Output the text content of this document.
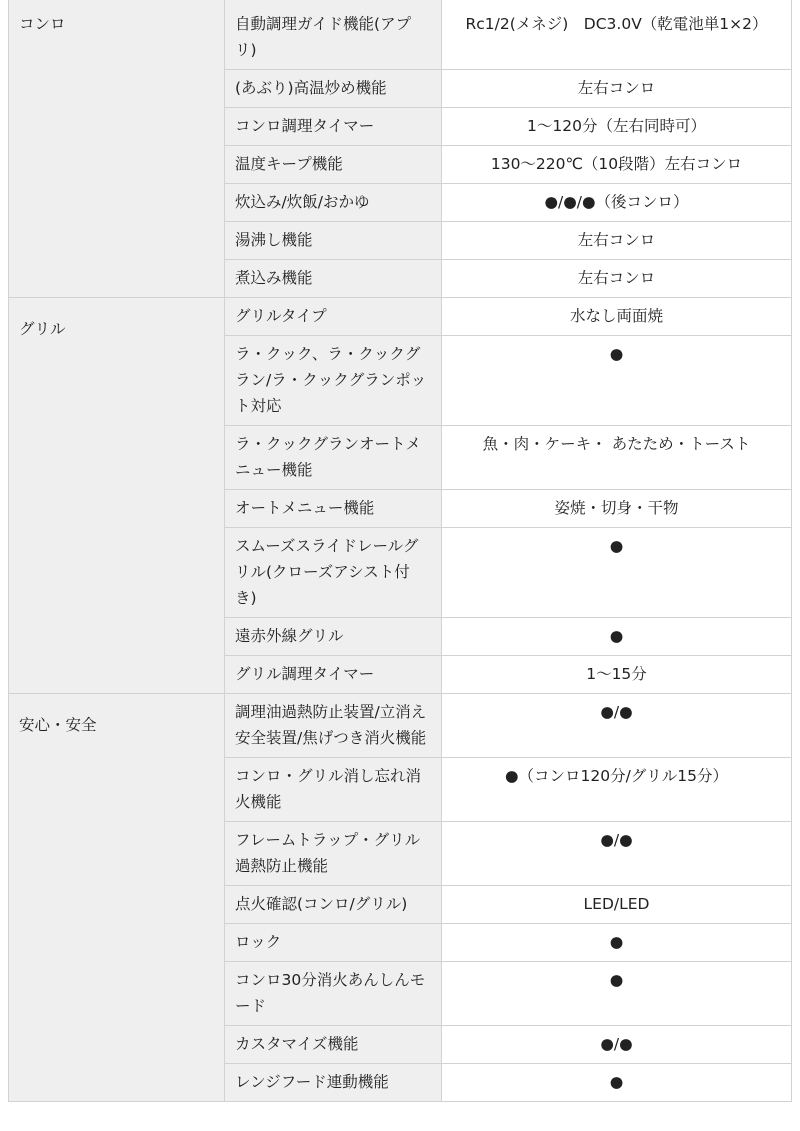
コンロ	自動調理ガイド機能(アプリ)	Rc1/2(メネジ)　DC3.0V（乾電池単1×2）
	(あぶり)高温炒め機能	左右コンロ
	コンロ調理タイマー	1〜120分（左右同時可）
	温度キープ機能	130〜220℃（10段階）左右コンロ
	炊込み/炊飯/おかゆ	●/●/●（後コンロ）
	湯沸し機能	左右コンロ
	煮込み機能	左右コンロ
グリル	グリルタイプ	水なし両面焼
	ラ・クック、ラ・クックグラン/ラ・クックグランポット対応	●
	ラ・クックグランオートメニュー機能	魚・肉・ケーキ・ あたため・トースト
	オートメニュー機能	姿焼・切身・干物
	スムーズスライドレールグリル(クローズアシスト付き)	●
	遠赤外線グリル	●
	グリル調理タイマー	1〜15分
安心・安全	調理油過熱防止装置/立消え安全装置/焦げつき消火機能	●/●
	コンロ・グリル消し忘れ消火機能	●（コンロ120分/グリル15分）
	フレームトラップ・グリル過熱防止機能	●/●
	点火確認(コンロ/グリル)	LED/LED
	ロック	●
	コンロ30分消火あんしんモード	●
	カスタマイズ機能	●/●
	レンジフード連動機能	●
